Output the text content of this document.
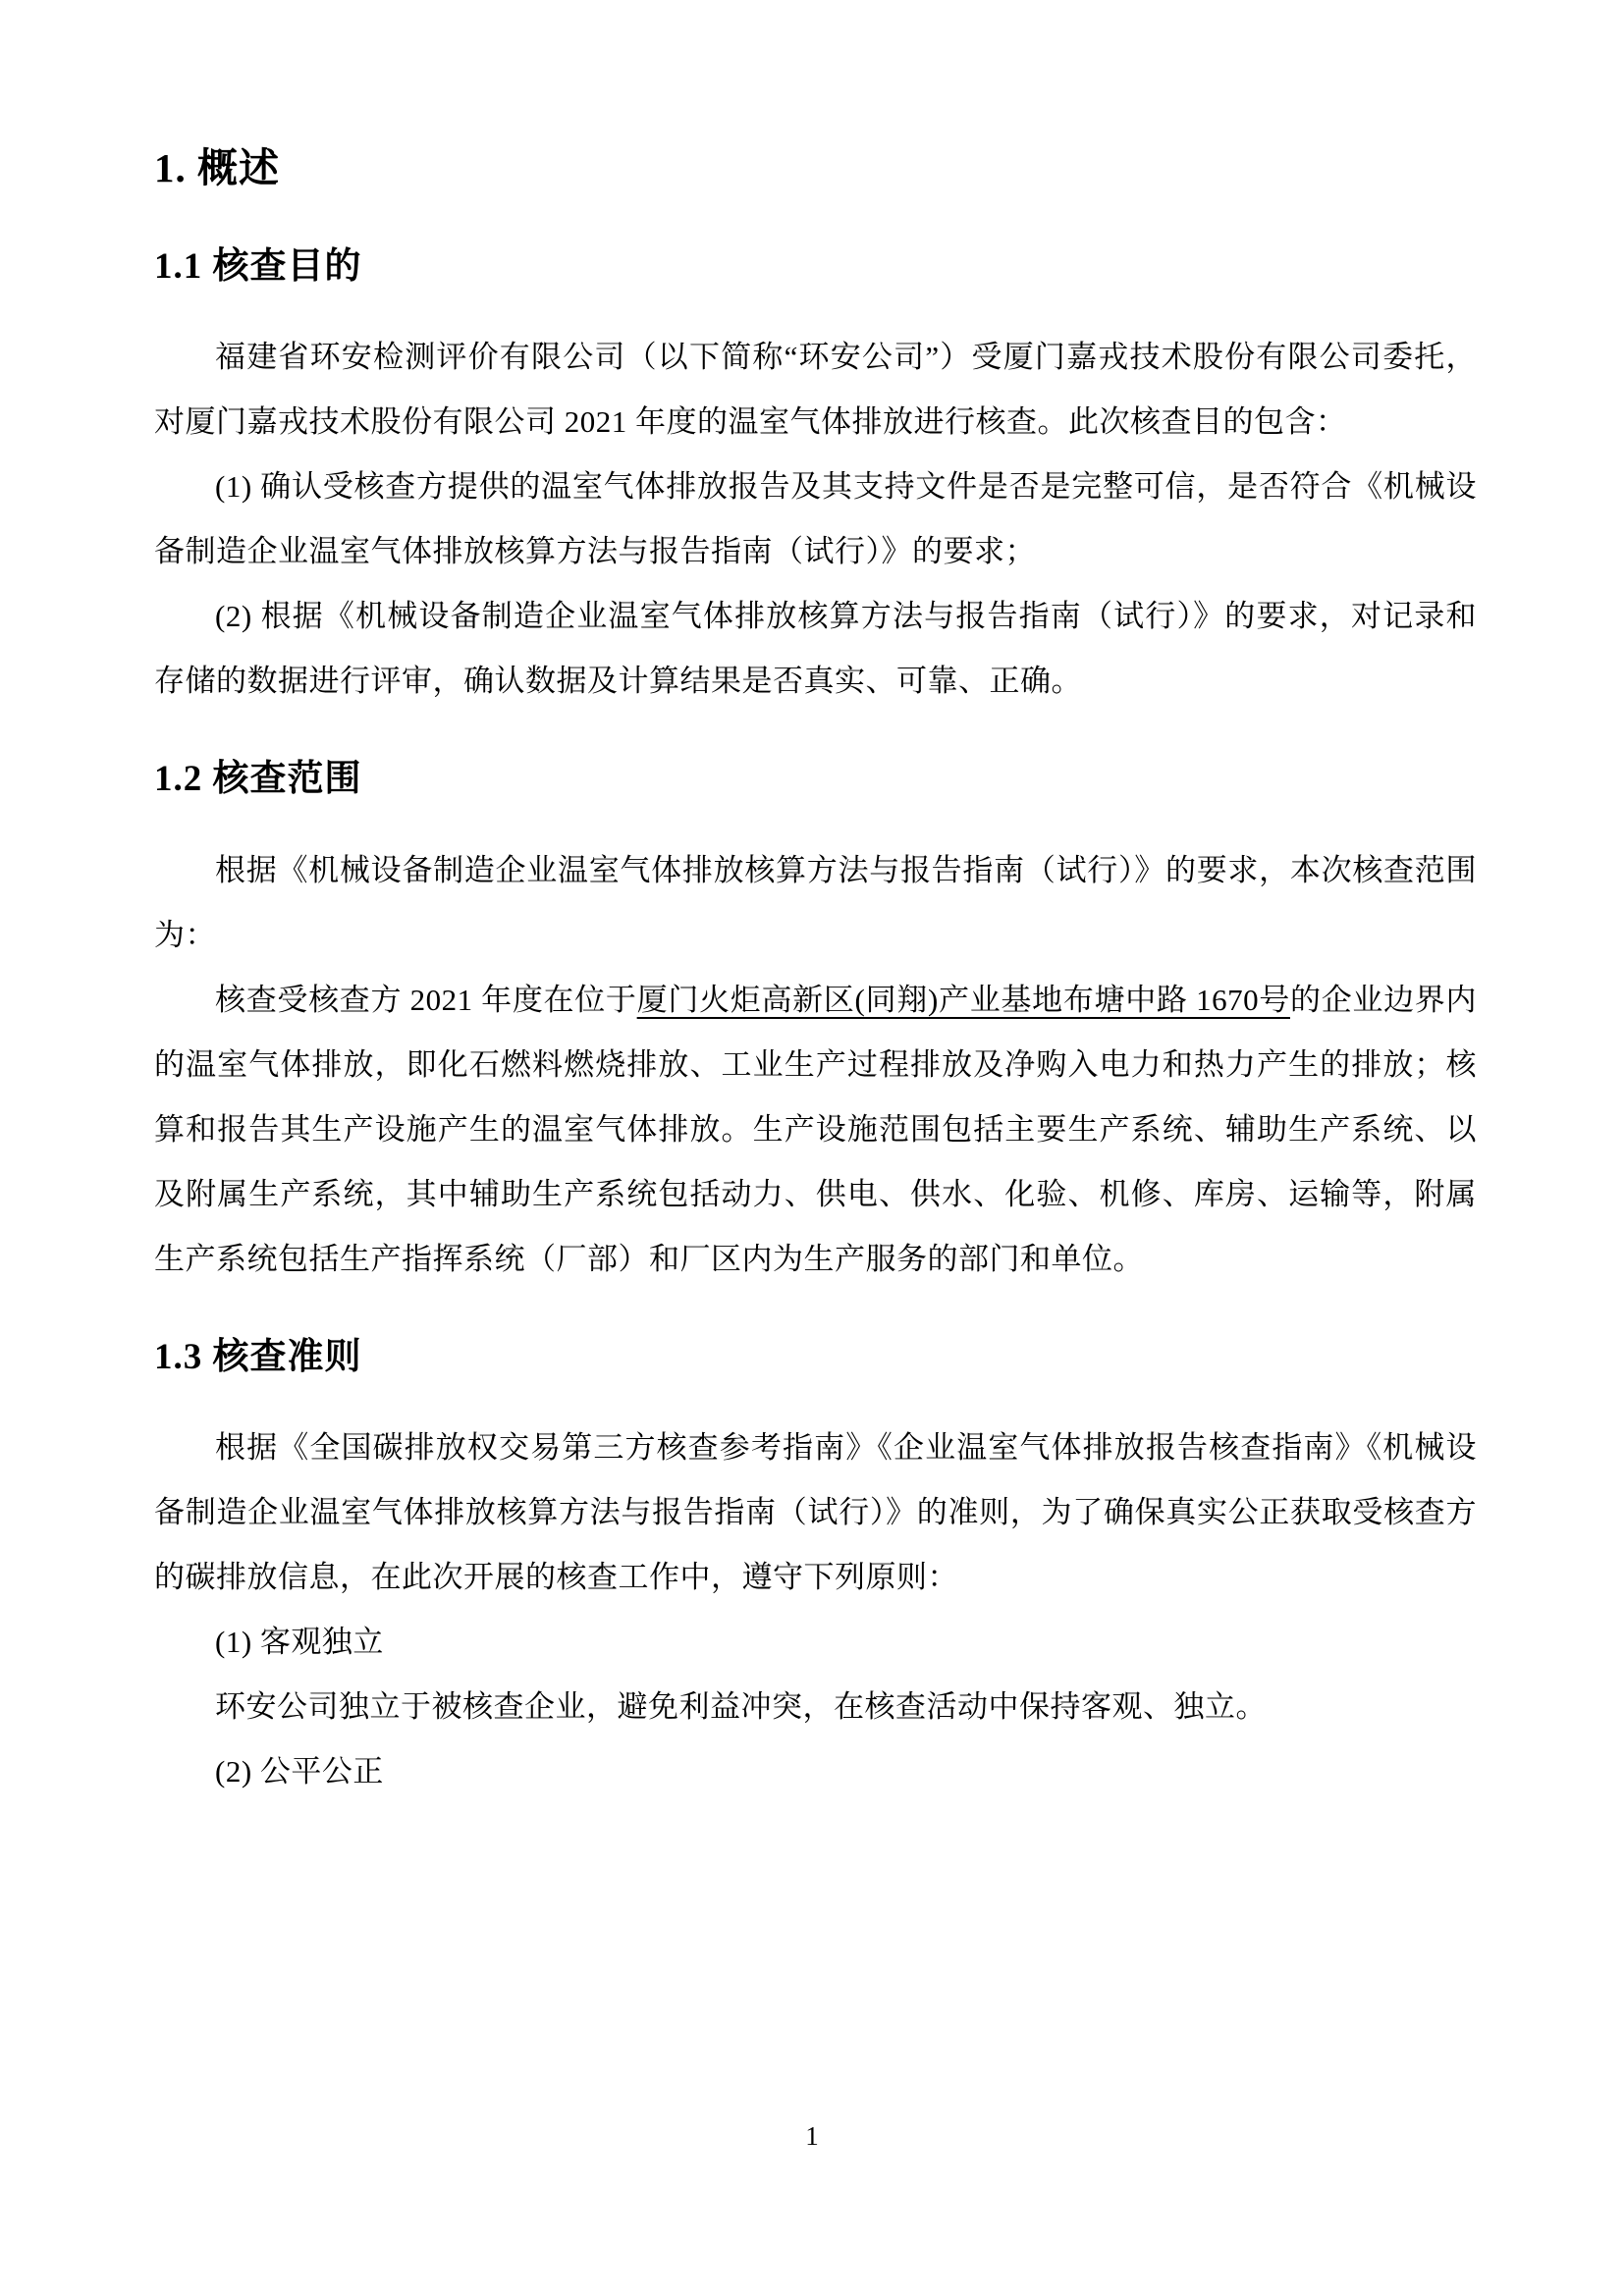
1. 概述
1.1 核查目的

福建省环安检测评价有限公司（以下简称“环安公司”）受厦门嘉戎技术股份有限公司委托，对厦门嘉戎技术股份有限公司 2021 年度的温室气体排放进行核查。此次核查目的包含：

(1) 确认受核查方提供的温室气体排放报告及其支持文件是否是完整可信，是否符合《机械设备制造企业温室气体排放核算方法与报告指南（试行）》的要求；

(2) 根据《机械设备制造企业温室气体排放核算方法与报告指南（试行）》的要求，对记录和存储的数据进行评审，确认数据及计算结果是否真实、可靠、正确。

1.2 核查范围

根据《机械设备制造企业温室气体排放核算方法与报告指南（试行）》的要求，本次核查范围为：

核查受核查方 2021 年度在位于厦门火炬高新区(同翔)产业基地布塘中路 1670号的企业边界内的温室气体排放，即化石燃料燃烧排放、工业生产过程排放及净购入电力和热力产生的排放；核算和报告其生产设施产生的温室气体排放。生产设施范围包括主要生产系统、辅助生产系统、以及附属生产系统，其中辅助生产系统包括动力、供电、供水、化验、机修、库房、运输等，附属生产系统包括生产指挥系统（厂部）和厂区内为生产服务的部门和单位。

1.3 核查准则

根据《全国碳排放权交易第三方核查参考指南》《企业温室气体排放报告核查指南》《机械设备制造企业温室气体排放核算方法与报告指南（试行）》的准则，为了确保真实公正获取受核查方的碳排放信息，在此次开展的核查工作中，遵守下列原则：

(1) 客观独立

环安公司独立于被核查企业，避免利益冲突，在核查活动中保持客观、独立。

(2) 公平公正

1
